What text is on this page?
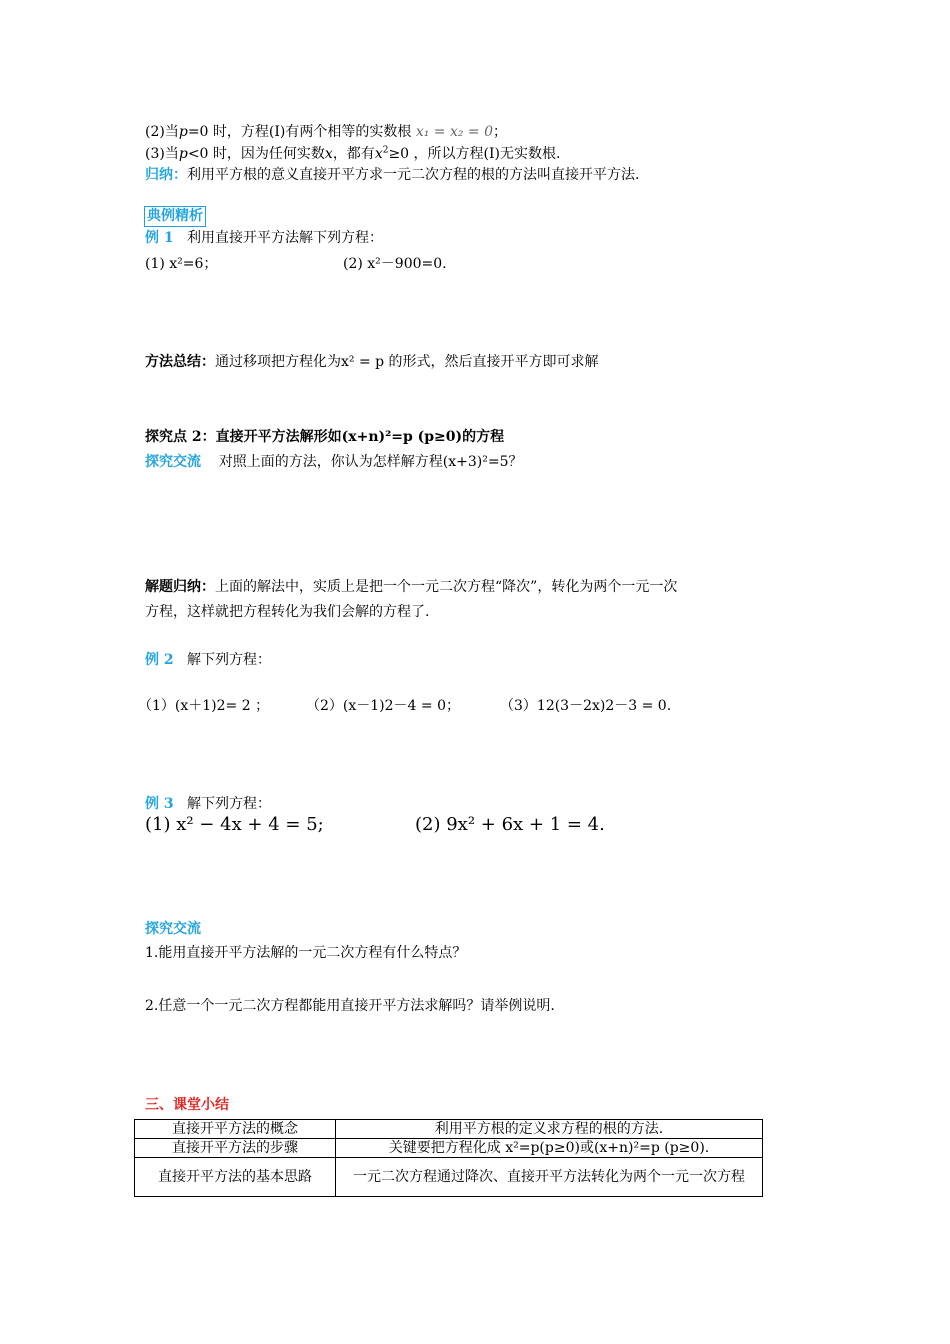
(2)当p=0 时，方程(I)有两个相等的实数根 x₁ = x₂ = 0；
(3)当p<0 时，因为任何实数x，都有$x^2\ge 0$ ，所以方程(I)无实数根.
归纳：利用平方根的意义直接开平方求一元二次方程的根的方法叫直接开平方法.
典例精析
例 1 利用直接开平方法解下列方程：
(1) x²=6；	(2) x²－900=0.
方法总结：通过移项把方程化为x² = p 的形式，然后直接开平方即可求解
探究点 2：直接开平方法解形如(x+n)²=p (p≥0)的方程
探究交流 对照上面的方法，你认为怎样解方程(x+3)²=5？
解题归纳：上面的解法中，实质上是把一个一元二次方程“降次”，转化为两个一元一次
方程，这样就把方程转化为我们会解的方程了.
例 2 解下列方程：
（1）(x＋1)2= 2 ；	（2）(x－1)2－4 = 0；	（3）12(3－2x)2－3 = 0.
例 3 解下列方程：
(1) x² − 4x + 4 = 5;	(2) 9x² + 6x + 1 = 4.
探究交流
1.能用直接开平方法解的一元二次方程有什么特点？
2.任意一个一元二次方程都能用直接开平方法求解吗？请举例说明.
三、课堂小结
直接开平方法的概念	利用平方根的定义求方程的根的方法.
直接开平方法的步骤	关键要把方程化成 x²=p(p≥0)或(x+n)²=p (p≥0).
直接开平方法的基本思路	一元二次方程通过降次、直接开平方法转化为两个一元一次方程
